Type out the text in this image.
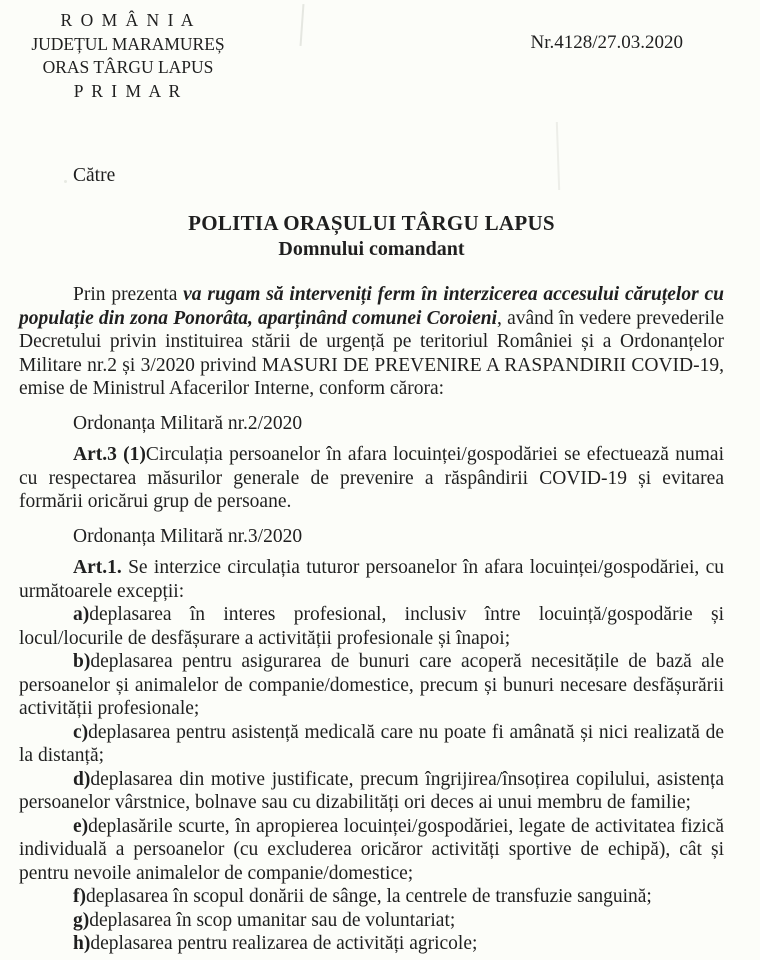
R O M Â N I A
JUDEȚUL MARAMUREȘ
ORAS TÂRGU LAPUS
P R I M A R
Nr.4128/27.03.2020
Către
POLITIA ORAȘULUI TÂRGU LAPUS
Domnului comandant

Prin prezenta va rugam să interveniți ferm în interzicerea accesului căruțelor cu populație din zona Ponorâta, aparținând comunei Coroieni, având în vedere prevederile Decretului privin instituirea stării de urgență pe teritoriul României și a Ordonanțelor Militare nr.2 și 3/2020 privind MASURI DE PREVENIRE A RASPANDIRII COVID-19, emise de Ministrul Afacerilor Interne, conform cărora:

Ordonanța Militară nr.2/2020

Art.3 (1)Circulația persoanelor în afara locuinței/gospodăriei se efectuează numai cu respectarea măsurilor generale de prevenire a răspândirii COVID-19 și evitarea formării oricărui grup de persoane.

Ordonanța Militară nr.3/2020

Art.1. Se interzice circulația tuturor persoanelor în afara locuinței/gospodăriei, cu următoarele excepții:

a)deplasarea în interes profesional, inclusiv între locuință/gospodărie și locul/locurile de desfășurare a activității profesionale și înapoi;

b)deplasarea pentru asigurarea de bunuri care acoperă necesitățile de bază ale persoanelor și animalelor de companie/domestice, precum și bunuri necesare desfășurării activității profesionale;

c)deplasarea pentru asistență medicală care nu poate fi amânată și nici realizată de la distanță;

d)deplasarea din motive justificate, precum îngrijirea/însoțirea copilului, asistența persoanelor vârstnice, bolnave sau cu dizabilități ori deces ai unui membru de familie;

e)deplasările scurte, în apropierea locuinței/gospodăriei, legate de activitatea fizică individuală a persoanelor (cu excluderea oricăror activități sportive de echipă), cât și pentru nevoile animalelor de companie/domestice;

f)deplasarea în scopul donării de sânge, la centrele de transfuzie sanguină;

g)deplasarea în scop umanitar sau de voluntariat;

h)deplasarea pentru realizarea de activități agricole;
